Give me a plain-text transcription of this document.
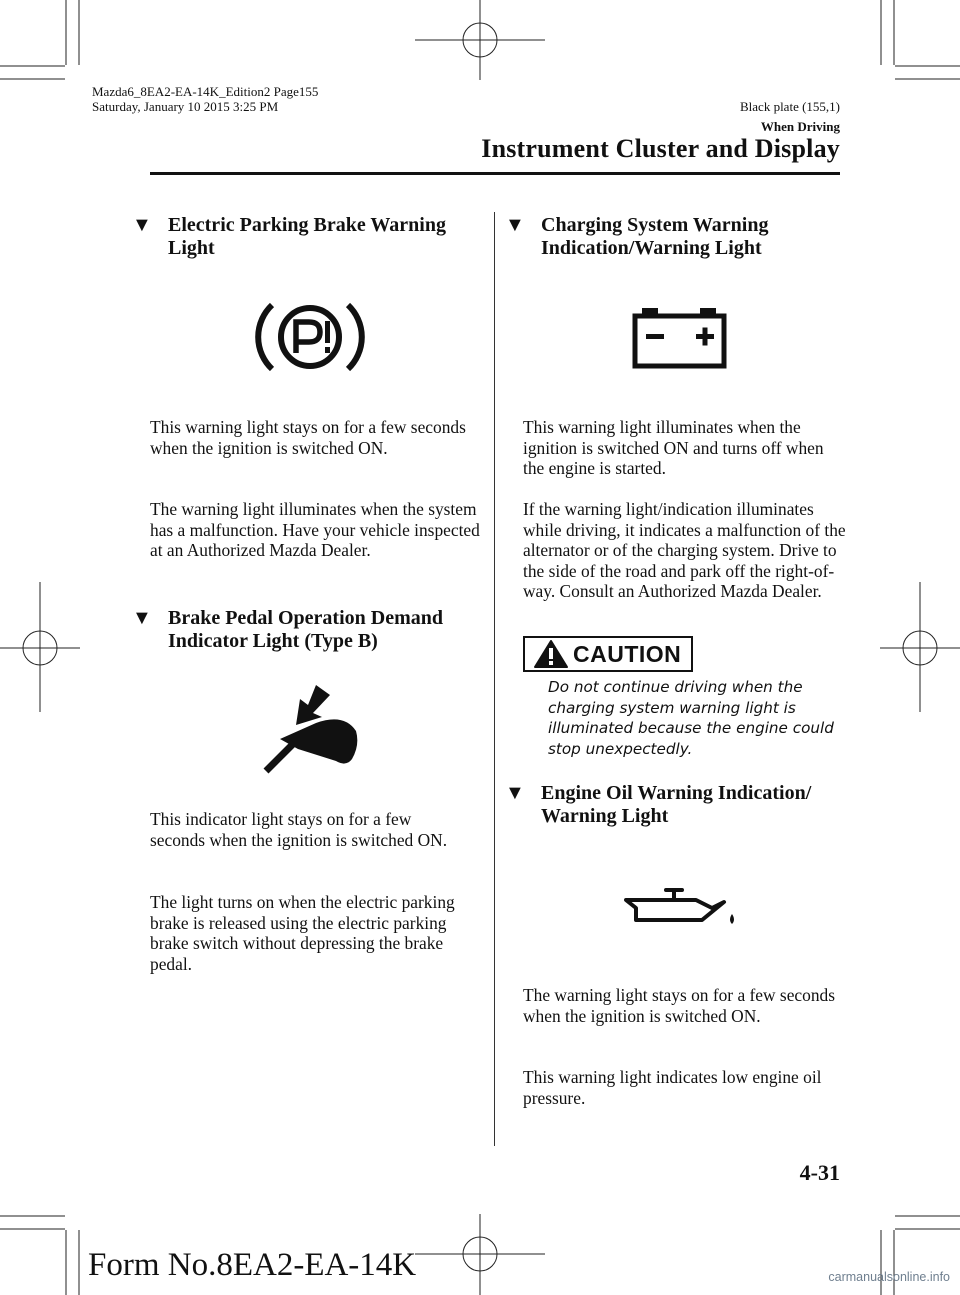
Mazda6_8EA2-EA-14K_Edition2 Page155
Saturday, January 10 2015 3:25 PM	Black plate (155,1)
When Driving
Instrument Cluster and Display
▼ Electric Parking Brake Warning Light
This warning light stays on for a few seconds when the ignition is switched ON.
The warning light illuminates when the system has a malfunction. Have your vehicle inspected at an Authorized Mazda Dealer.
▼ Brake Pedal Operation Demand Indicator Light (Type B)
This indicator light stays on for a few seconds when the ignition is switched ON.
The light turns on when the electric parking brake is released using the electric parking brake switch without depressing the brake pedal.
▼ Charging System Warning Indication/Warning Light
This warning light illuminates when the ignition is switched ON and turns off when the engine is started.
If the warning light/indication illuminates while driving, it indicates a malfunction of the alternator or of the charging system. Drive to the side of the road and park off the right-of-way. Consult an Authorized Mazda Dealer.
CAUTION
Do not continue driving when the charging system warning light is illuminated because the engine could stop unexpectedly.
▼ Engine Oil Warning Indication/ Warning Light
The warning light stays on for a few seconds when the ignition is switched ON.
This warning light indicates low engine oil pressure.
4-31
Form No.8EA2-EA-14K	carmanualsonline.info
